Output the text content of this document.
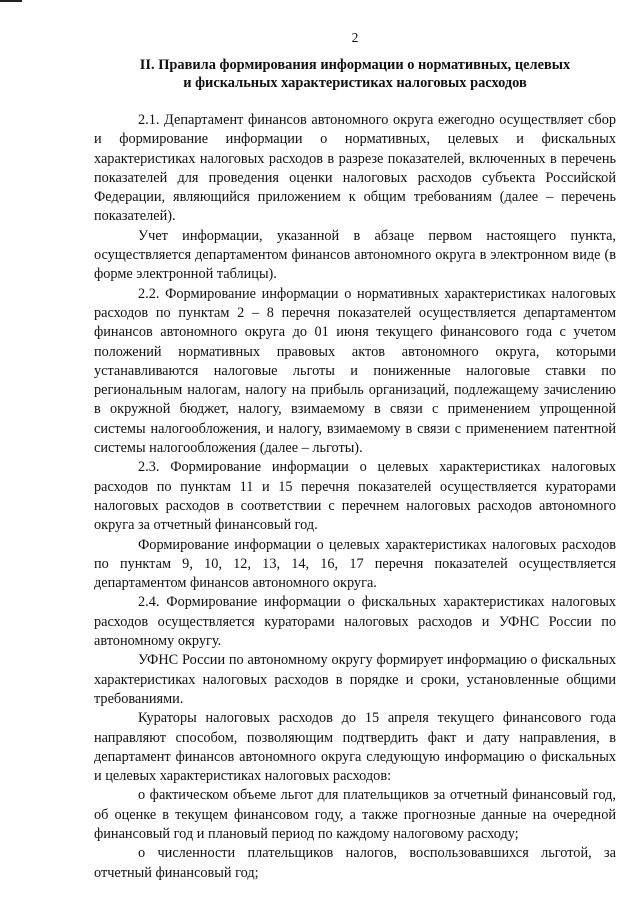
2
II. Правила формирования информации о нормативных, целевых
и фискальных характеристиках налоговых расходов

2.1. Департамент финансов автономного округа ежегодно осуществляет сбор и формирование информации о нормативных, целевых и фискальных характеристиках налоговых расходов в разрезе показателей, включенных в перечень показателей для проведения оценки налоговых расходов субъекта Российской Федерации, являющийся приложением к общим требованиям (далее – перечень показателей).

Учет информации, указанной в абзаце первом настоящего пункта, осуществляется департаментом финансов автономного округа в электронном виде (в форме электронной таблицы).

2.2. Формирование информации о нормативных характеристиках налоговых расходов по пунктам 2 – 8 перечня показателей осуществляется департаментом финансов автономного округа до 01 июня текущего финансового года с учетом положений нормативных правовых актов автономного округа, которыми устанавливаются налоговые льготы и пониженные налоговые ставки по региональным налогам, налогу на прибыль организаций, подлежащему зачислению в окружной бюджет, налогу, взимаемому в связи с применением упрощенной системы налогообложения, и налогу, взимаемому в связи с применением патентной системы налогообложения (далее – льготы).

2.3. Формирование информации о целевых характеристиках налоговых расходов по пунктам 11 и 15 перечня показателей осуществляется кураторами налоговых расходов в соответствии с перечнем налоговых расходов автономного округа за отчетный финансовый год.

Формирование информации о целевых характеристиках налоговых расходов по пунктам 9, 10, 12, 13, 14, 16, 17 перечня показателей осуществляется департаментом финансов автономного округа.

2.4. Формирование информации о фискальных характеристиках налоговых расходов осуществляется кураторами налоговых расходов и УФНС России по автономному округу.

УФНС России по автономному округу формирует информацию о фискальных характеристиках налоговых расходов в порядке и сроки, установленные общими требованиями.

Кураторы налоговых расходов до 15 апреля текущего финансового года направляют способом, позволяющим подтвердить факт и дату направления, в департамент финансов автономного округа следующую информацию о фискальных и целевых характеристиках налоговых расходов:

о фактическом объеме льгот для плательщиков за отчетный финансовый год, об оценке в текущем финансовом году, а также прогнозные данные на очередной финансовый год и плановый период по каждому налоговому расходу;

о численности плательщиков налогов, воспользовавшихся льготой, за отчетный финансовый год;
